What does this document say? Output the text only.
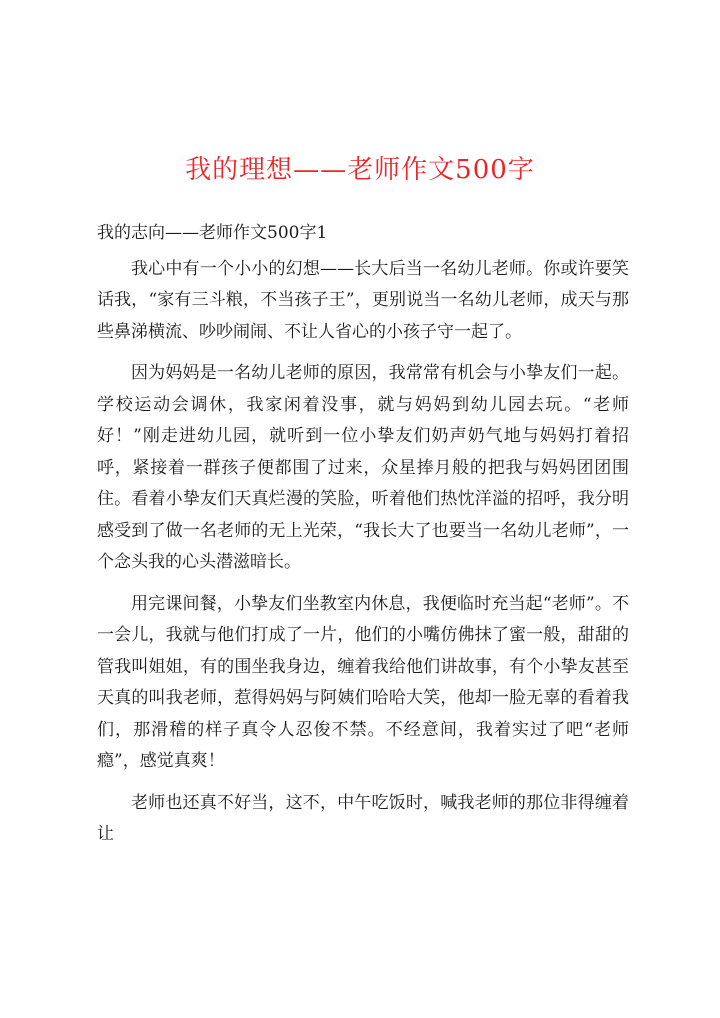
我的理想——老师作文500字

我的志向——老师作文500字1

我心中有一个小小的幻想——长大后当一名幼儿老师。你或许要笑话我，“家有三斗粮，不当孩子王”，更别说当一名幼儿老师，成天与那些鼻涕横流、吵吵闹闹、不让人省心的小孩子守一起了。

因为妈妈是一名幼儿老师的原因，我常常有机会与小挚友们一起。学校运动会调休，我家闲着没事，就与妈妈到幼儿园去玩。“老师好！”刚走进幼儿园，就听到一位小挚友们奶声奶气地与妈妈打着招呼，紧接着一群孩子便都围了过来，众星捧月般的把我与妈妈团团围住。看着小挚友们天真烂漫的笑脸，听着他们热忱洋溢的招呼，我分明感受到了做一名老师的无上光荣，“我长大了也要当一名幼儿老师”，一个念头我的心头潜滋暗长。

用完课间餐，小挚友们坐教室内休息，我便临时充当起“老师”。不一会儿，我就与他们打成了一片，他们的小嘴仿佛抹了蜜一般，甜甜的管我叫姐姐，有的围坐我身边，缠着我给他们讲故事，有个小挚友甚至天真的叫我老师，惹得妈妈与阿姨们哈哈大笑，他却一脸无辜的看着我们，那滑稽的样子真令人忍俊不禁。不经意间，我着实过了吧“老师瘾”，感觉真爽！

老师也还真不好当，这不，中午吃饭时，喊我老师的那位非得缠着让
